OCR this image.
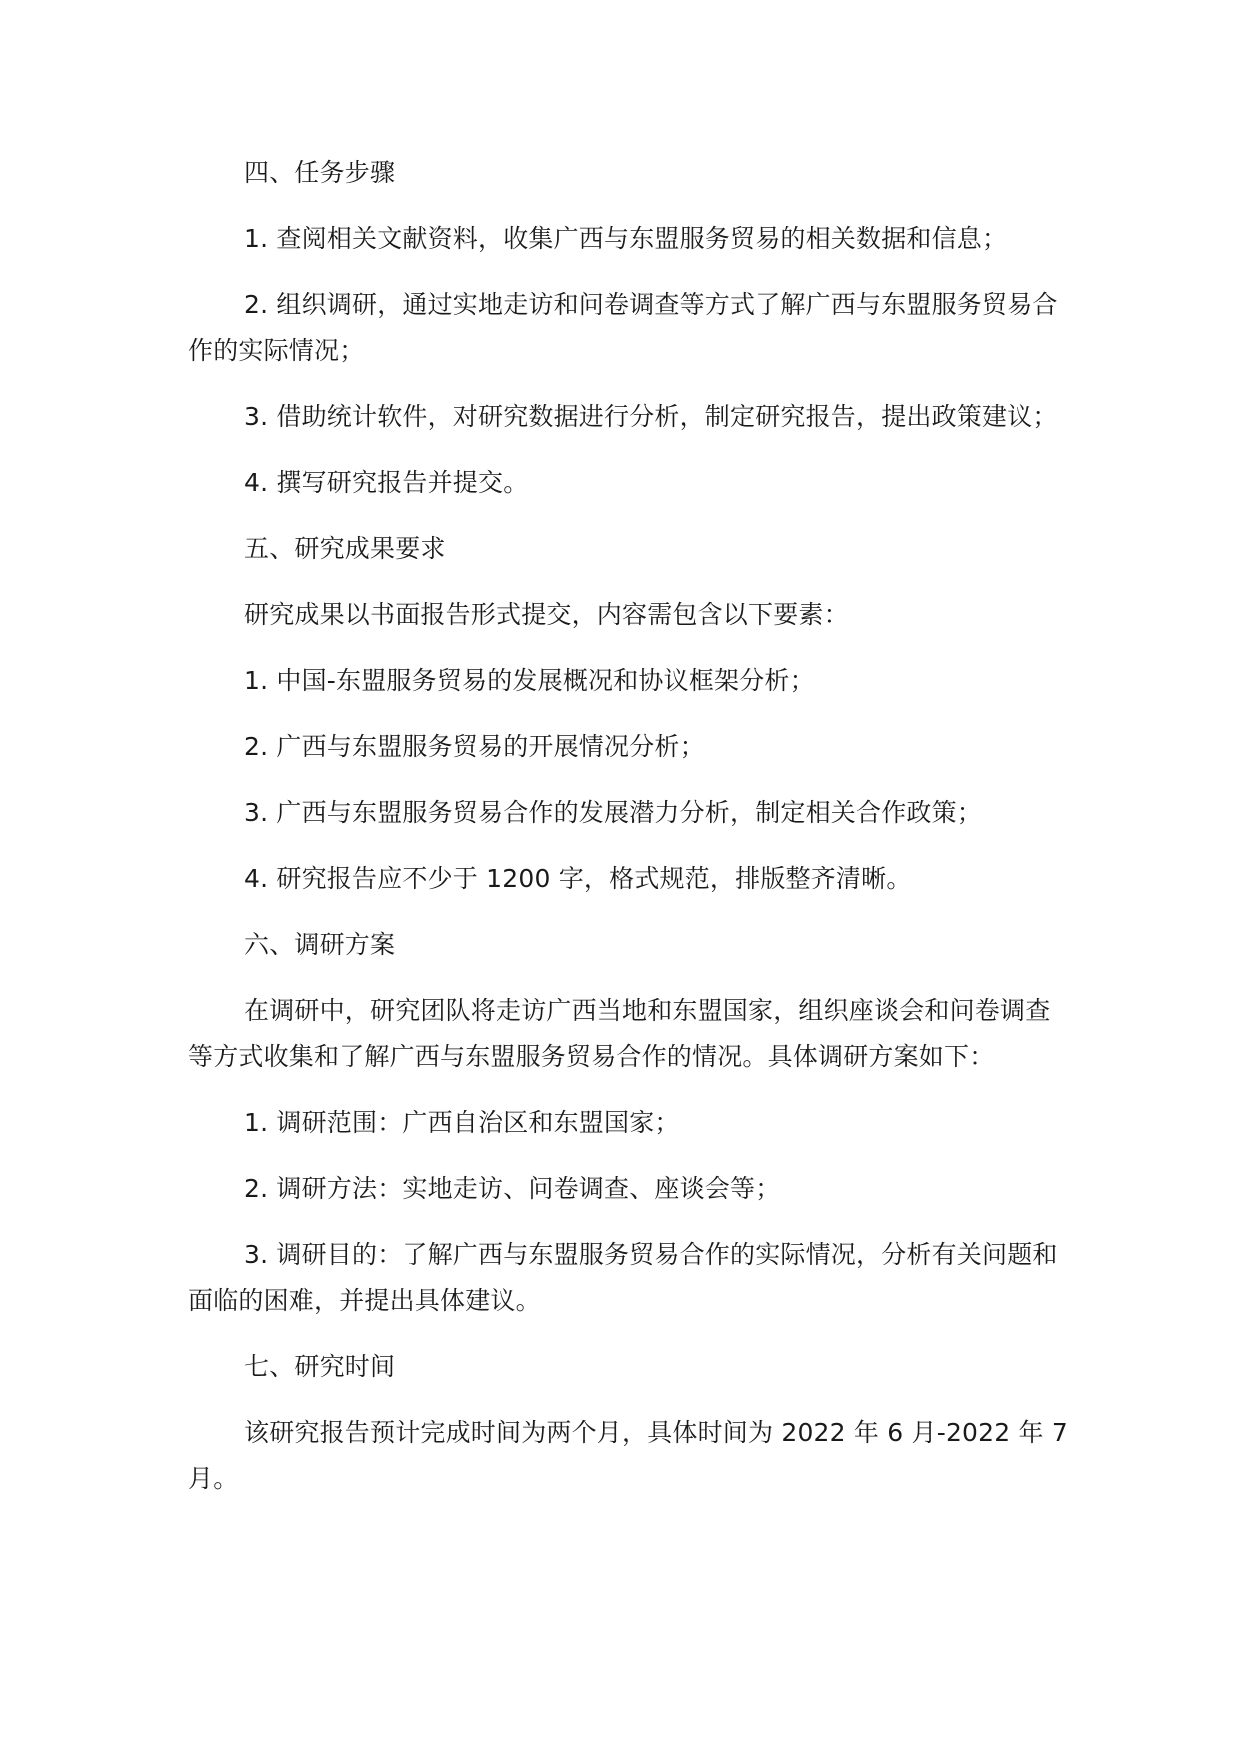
四、任务步骤

1. 查阅相关文献资料，收集广西与东盟服务贸易的相关数据和信息；

2. 组织调研，通过实地走访和问卷调查等方式了解广西与东盟服务贸易合作的实际情况；

3. 借助统计软件，对研究数据进行分析，制定研究报告，提出政策建议；

4. 撰写研究报告并提交。

五、研究成果要求

研究成果以书面报告形式提交，内容需包含以下要素：

1. 中国-东盟服务贸易的发展概况和协议框架分析；

2. 广西与东盟服务贸易的开展情况分析；

3. 广西与东盟服务贸易合作的发展潜力分析，制定相关合作政策；

4. 研究报告应不少于 1200 字，格式规范，排版整齐清晰。

六、调研方案

在调研中，研究团队将走访广西当地和东盟国家，组织座谈会和问卷调查等方式收集和了解广西与东盟服务贸易合作的情况。具体调研方案如下：

1. 调研范围：广西自治区和东盟国家；

2. 调研方法：实地走访、问卷调查、座谈会等；

3. 调研目的：了解广西与东盟服务贸易合作的实际情况，分析有关问题和面临的困难，并提出具体建议。

七、研究时间

该研究报告预计完成时间为两个月，具体时间为 2022 年 6 月-2022 年 7 月。
